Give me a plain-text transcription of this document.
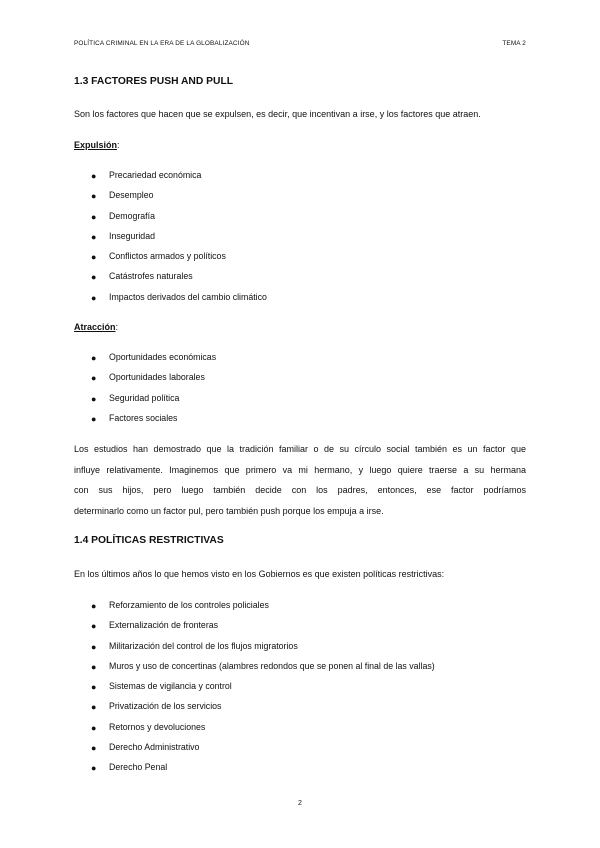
POLÍTICA CRIMINAL EN LA ERA DE LA GLOBALIZACIÓN	TEMA 2
1.3 FACTORES PUSH AND PULL

Son los factores que hacen que se expulsen, es decir, que incentivan a irse, y los factores que atraen.

Expulsión:

● Precariedad económica
● Desempleo
● Demografía
● Inseguridad
● Conflictos armados y políticos
● Catástrofes naturales
● Impactos derivados del cambio climático

Atracción:

● Oportunidades económicas
● Oportunidades laborales
● Seguridad política
● Factores sociales
Los estudios han demostrado que la tradición familiar o de su círculo social también es un factor que
influye relativamente. Imaginemos que primero va mi hermano, y luego quiere traerse a su hermana
con sus hijos, pero luego también decide con los padres, entonces, ese factor podríamos
determinarlo como un factor pul, pero también push porque los empuja a irse.
1.4 POLÍTICAS RESTRICTIVAS

En los últimos años lo que hemos visto en los Gobiernos es que existen políticas restrictivas:

● Reforzamiento de los controles policiales
● Externalización de fronteras
● Militarización del control de los flujos migratorios
● Muros y uso de concertinas (alambres redondos que se ponen al final de las vallas)
● Sistemas de vigilancia y control
● Privatización de los servicios
● Retornos y devoluciones
● Derecho Administrativo
● Derecho Penal
2
